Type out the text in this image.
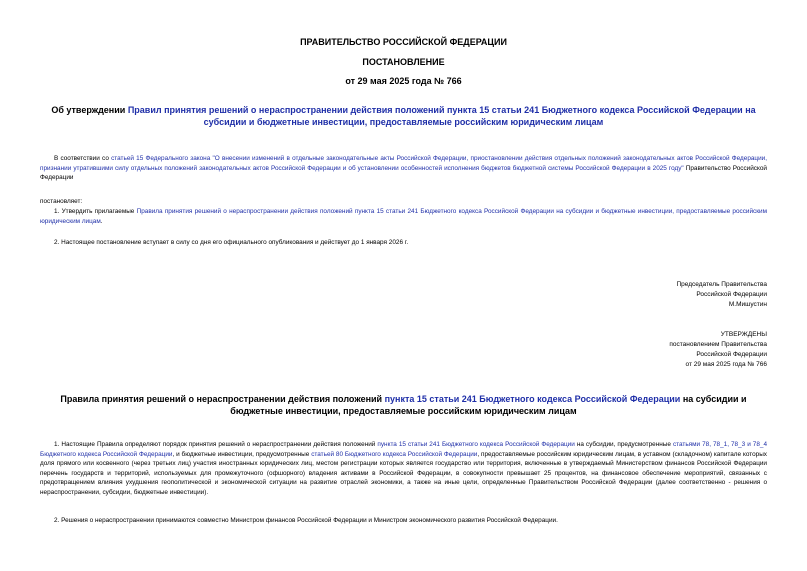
ПРАВИТЕЛЬСТВО РОССИЙСКОЙ ФЕДЕРАЦИИ
ПОСТАНОВЛЕНИЕ
от 29 мая 2025 года № 766

Об утверждении Правил принятия решений о нераспространении действия положений пункта 15 статьи 241 Бюджетного кодекса Российской Федерации на субсидии и бюджетные инвестиции, предоставляемые российским юридическим лицам

В соответствии со статьей 15 Федерального закона "О внесении изменений в отдельные законодательные акты Российской Федерации, приостановлении действия отдельных положений законодательных актов Российской Федерации, признании утратившими силу отдельных положений законодательных актов Российской Федерации и об установлении особенностей исполнения бюджетов бюджетной системы Российской Федерации в 2025 году" Правительство Российской Федерации

постановляет:

1. Утвердить прилагаемые Правила принятия решений о нераспространении действия положений пункта 15 статьи 241 Бюджетного кодекса Российской Федерации на субсидии и бюджетные инвестиции, предоставляемые российским юридическим лицам.

2. Настоящее постановление вступает в силу со дня его официального опубликования и действует до 1 января 2026 г.

Председатель Правительства
Российской Федерации
М.Мишустин
УТВЕРЖДЕНЫ
постановлением Правительства
Российской Федерации
от 29 мая 2025 года № 766

Правила принятия решений о нераспространении действия положений пункта 15 статьи 241 Бюджетного кодекса Российской Федерации на субсидии и бюджетные инвестиции, предоставляемые российским юридическим лицам

1. Настоящие Правила определяют порядок принятия решений о нераспространении действия положений пункта 15 статьи 241 Бюджетного кодекса Российской Федерации на субсидии, предусмотренные статьями 78, 78_1, 78_3 и 78_4 Бюджетного кодекса Российской Федерации, и бюджетные инвестиции, предусмотренные статьей 80 Бюджетного кодекса Российской Федерации, предоставляемые российским юридическим лицам, в уставном (складочном) капитале которых доля прямого или косвенного (через третьих лиц) участия иностранных юридических лиц, местом регистрации которых является государство или территория, включенные в утверждаемый Министерством финансов Российской Федерации перечень государств и территорий, используемых для промежуточного (офшорного) владения активами в Российской Федерации, в совокупности превышает 25 процентов, на финансовое обеспечение мероприятий, связанных с предотвращением влияния ухудшения геополитической и экономической ситуации на развитие отраслей экономики, а также на иные цели, определенные Правительством Российской Федерации (далее соответственно - решения о нераспространении, субсидии, бюджетные инвестиции).

2. Решения о нераспространении принимаются совместно Министром финансов Российской Федерации и Министром экономического развития Российской Федерации.
